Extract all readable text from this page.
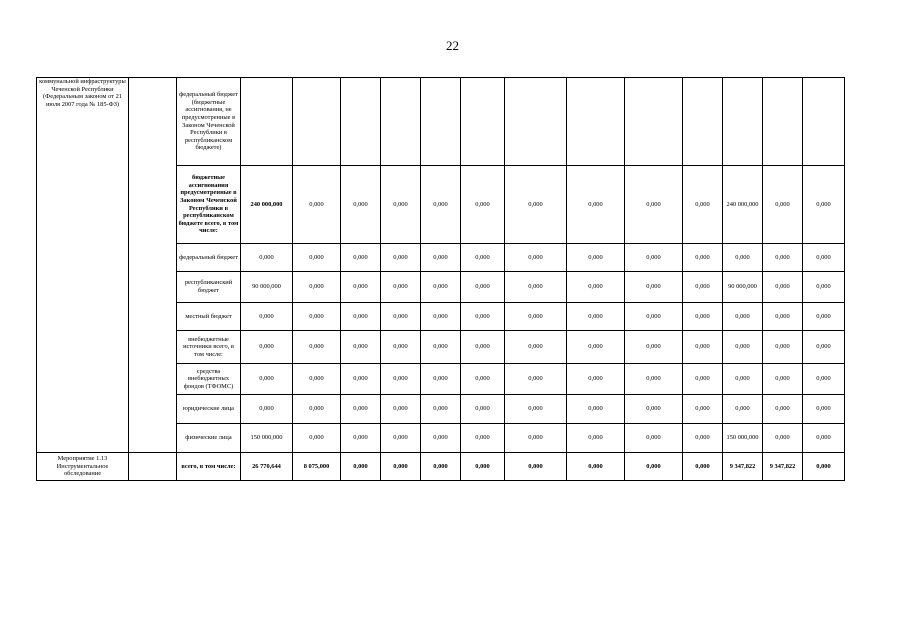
22
коммунальной инфраструктуры Чеченской Республики (Федеральным законом от 21 июля 2007 года № 185-ФЗ)		федеральный бюджет (бюджетные ассигнования, не предусмотренные в Законом Чеченской Республики в республиканском бюджете)													
		бюджетные ассигнования предусмотренные в Законом Чеченской Республики в республиканском бюджете всего, в том числе:	240 000,000	0,000	0,000	0,000	0,000	0,000	0,000	0,000	0,000	0,000	240 000,000	0,000	0,000
		федеральный бюджет	0,000	0,000	0,000	0,000	0,000	0,000	0,000	0,000	0,000	0,000	0,000	0,000	0,000
		республиканский бюджет	90 000,000	0,000	0,000	0,000	0,000	0,000	0,000	0,000	0,000	0,000	90 000,000	0,000	0,000
		местный бюджет	0,000	0,000	0,000	0,000	0,000	0,000	0,000	0,000	0,000	0,000	0,000	0,000	0,000
		внебюджетные источники всего, в том числе:	0,000	0,000	0,000	0,000	0,000	0,000	0,000	0,000	0,000	0,000	0,000	0,000	0,000
		средства внебюджетных фондов (ТФОМС)	0,000	0,000	0,000	0,000	0,000	0,000	0,000	0,000	0,000	0,000	0,000	0,000	0,000
		юридические лица	0,000	0,000	0,000	0,000	0,000	0,000	0,000	0,000	0,000	0,000	0,000	0,000	0,000
		физические лица	150 000,000	0,000	0,000	0,000	0,000	0,000	0,000	0,000	0,000	0,000	150 000,000	0,000	0,000
Мероприятие 1.13 Инструментальное обследование		всего, в том числе:	26 770,644	8 075,000	0,000	0,000	0,000	0,000	0,000	0,000	0,000	0,000	9 347,822	9 347,822	0,000
